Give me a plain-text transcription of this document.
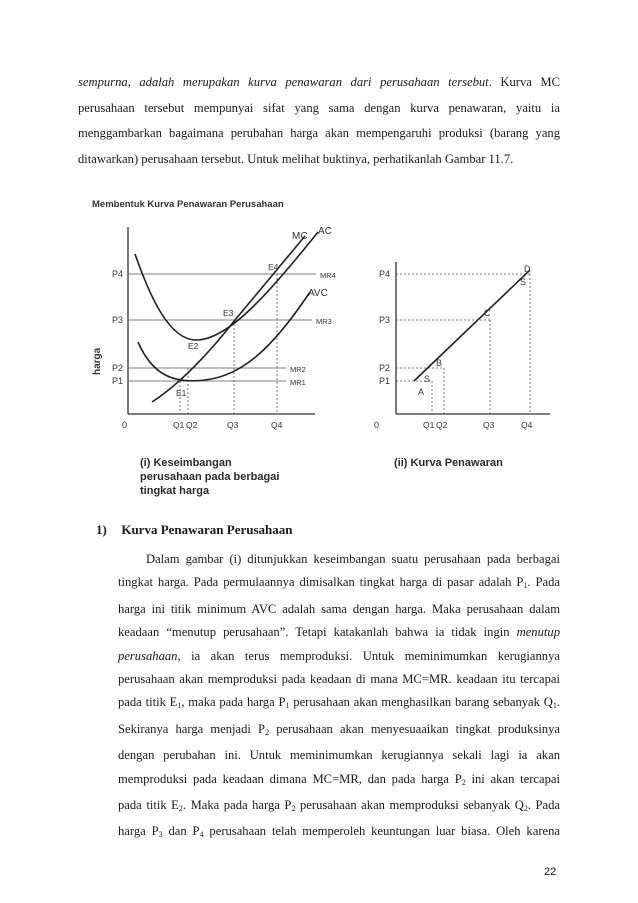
sempurna, adalah merupakan kurva penawaran dari perusahaan tersebut. Kurva MC
perusahaan tersebut mempunyai sifat yang sama dengan kurva penawaran, yaitu ia
menggambarkan bagaimana perubahan harga akan mempengaruhi produksi (barang yang
ditawarkan) perusahaan tersebut. Untuk melihat buktinya, perhatikanlah Gambar 11.7.
Membentuk Kurva Penawaran Perusahaan
harga
MC AC
AVC
P4
P3
P2
P1
MR4
MR3
MR2
MR1
E4
E3
E2
E1
0	Q1 Q2	Q3	Q4
P4
P3
P2
P1
D
S
C
B
S
A
0	Q1 Q2	Q3	Q4
(i) Keseimbangan
perusahaan pada berbagai
tingkat harga
(ii) Kurva Penawaran
1) Kurva Penawaran Perusahaan
Dalam gambar (i) ditunjukkan keseimbangan suatu perusahaan pada berbagai
tingkat harga. Pada permulaannya dimisalkan tingkat harga di pasar adalah $P_1$. Pada
harga ini titik minimum AVC adalah sama dengan harga. Maka perusahaan dalam
keadaan “menutup perusahaan”. Tetapi katakanlah bahwa ia tidak ingin menutup
perusahaan, ia akan terus memproduksi. Untuk meminimumkan kerugiannya
perusahaan akan memproduksi pada keadaan di mana MC=MR. keadaan itu tercapai
pada titik $E_1$, maka pada harga $P_1$ perusahaan akan menghasilkan barang sebanyak $Q_1$.
Sekiranya harga menjadi $P_2$ perusahaan akan menyesuaaikan tingkat produksinya
dengan perubahan ini. Untuk meminimumkan kerugiannya sekali lagi ia akan
memproduksi pada keadaan dimana MC=MR, dan pada harga $P_2$ ini akan tercapai
pada titik $E_2$. Maka pada harga $P_2$ perusahaan akan memproduksi sebanyak $Q_2$. Pada
harga $P_3$ dan $P_4$ perusahaan telah memperoleh keuntungan luar biasa. Oleh karena
22
